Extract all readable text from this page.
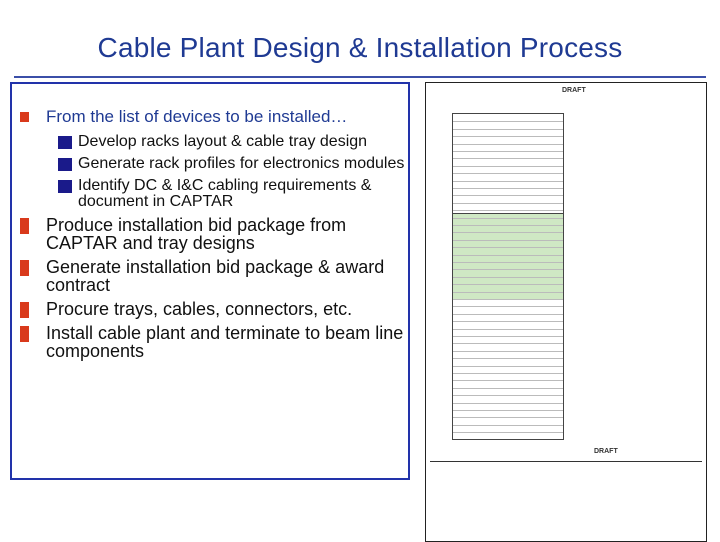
Cable Plant Design & Installation Process
From the list of devices to be installed…
Develop racks layout & cable tray design
Generate rack profiles for electronics modules
Identify DC & I&C cabling requirements & document in CAPTAR
Produce installation bid package from CAPTAR and tray designs
Generate installation bid package & award contract
Procure trays, cables, connectors, etc.
Install cable plant and terminate to beam line components
DRAFT
DRAFT
